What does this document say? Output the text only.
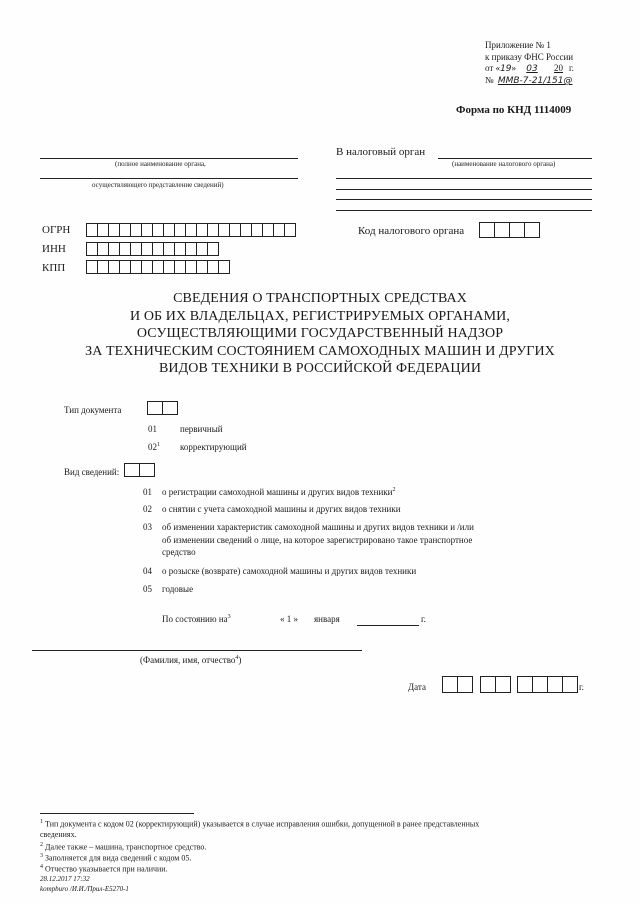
Приложение № 1
к приказу ФНС России
от «19» 03 20 г.
№ ММВ-7-21/151@
Форма по КНД 1114009
(полное наименование органа,
осуществляющего представление сведений)
В налоговый орган
(наименование налогового органа)
ОГРН
ИНН
КПП
Код налогового органа
СВЕДЕНИЯ О ТРАНСПОРТНЫХ СРЕДСТВАХ
И ОБ ИХ ВЛАДЕЛЬЦАХ, РЕГИСТРИРУЕМЫХ ОРГАНАМИ,
ОСУЩЕСТВЛЯЮЩИМИ ГОСУДАРСТВЕННЫЙ НАДЗОР
ЗА ТЕХНИЧЕСКИМ СОСТОЯНИЕМ САМОХОДНЫХ МАШИН И ДРУГИХ
ВИДОВ ТЕХНИКИ В РОССИЙСКОЙ ФЕДЕРАЦИИ
Тип документа
01	первичный
$02^1$ корректирующий
Вид сведений:
01 о регистрации самоходной машины и других видов техники$^2$
02 о снятии с учета самоходной машины и других видов техники
03 об изменении характеристик самоходной машины и других видов техники и /или
об изменении сведений о лице, на которое зарегистрировано такое транспортное
средство
04 о розыске (возврате) самоходной машины и других видов техники
05 годовые
По состоянию $на^3$	« 1 » января	г.
(Фамилия, имя, отчество$^4$)
Дата	г.
$^1$ Тип документа с кодом 02 (корректирующий) указывается в случае исправления ошибки, допущенной в ранее представленных
сведениях.
$^2$ Далее также – машина, транспортное средство.
$^3$ Заполняется для вида сведений с кодом 05.
$^4$ Отчество указывается при наличии.
28.12.2017 17:32
kompburo /И.И./Прил-Е5270-1
